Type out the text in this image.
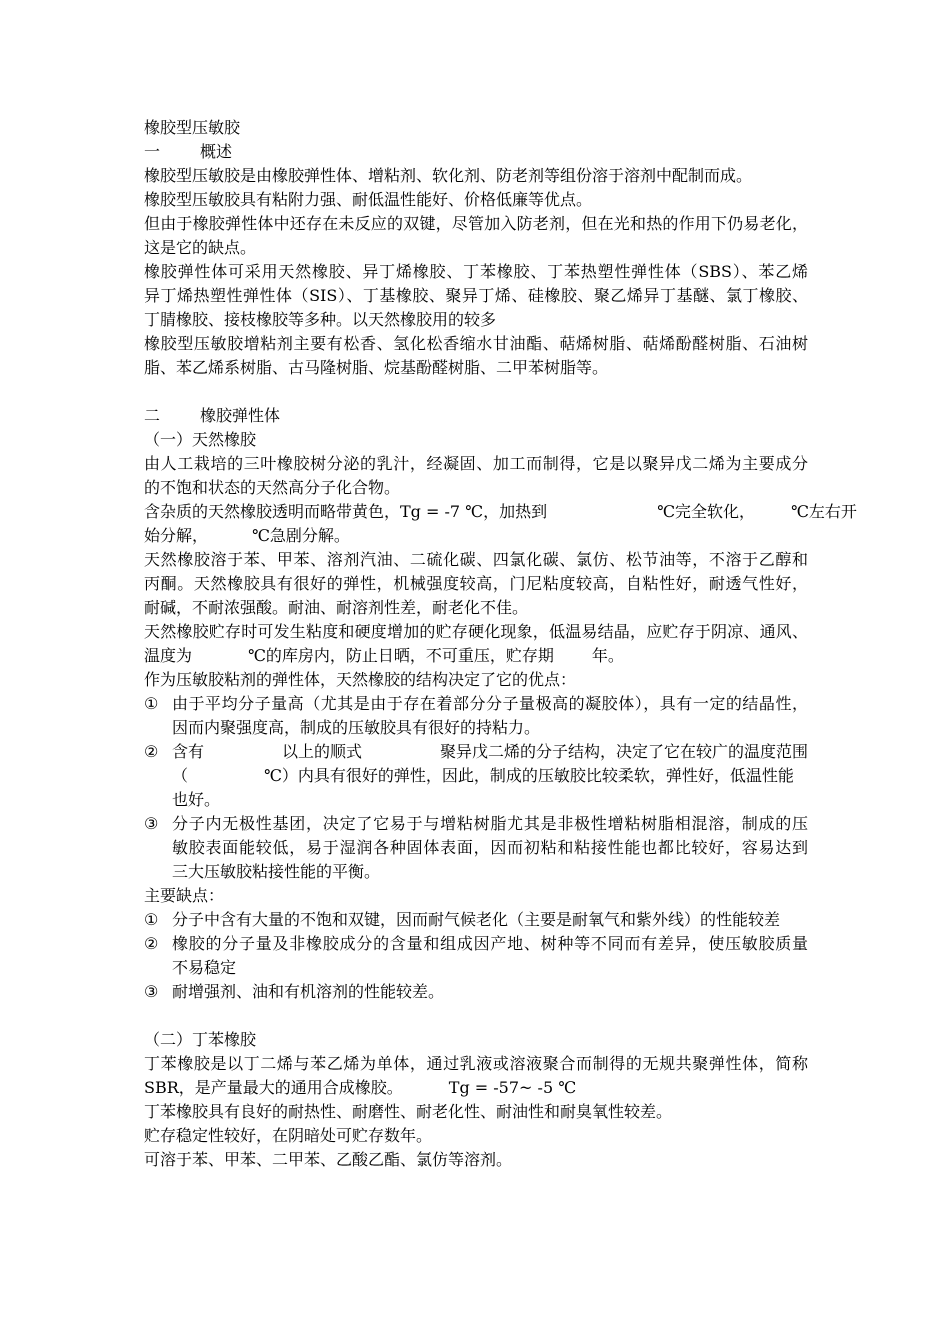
橡胶型压敏胶
一	概述
橡胶型压敏胶是由橡胶弹性体、增粘剂、软化剂、防老剂等组份溶于溶剂中配制而成。
橡胶型压敏胶具有粘附力强、耐低温性能好、价格低廉等优点。
但由于橡胶弹性体中还存在未反应的双键，尽管加入防老剂，但在光和热的作用下仍易老化，
这是它的缺点。
橡胶弹性体可采用天然橡胶、异丁烯橡胶、丁苯橡胶、丁苯热塑性弹性体（SBS）、苯乙烯
异丁烯热塑性弹性体（SIS）、丁基橡胶、聚异丁烯、硅橡胶、聚乙烯异丁基醚、氯丁橡胶、
丁腈橡胶、接枝橡胶等多种。以天然橡胶用的较多
橡胶型压敏胶增粘剂主要有松香、氢化松香缩水甘油酯、萜烯树脂、萜烯酚醛树脂、石油树
脂、苯乙烯系树脂、古马隆树脂、烷基酚醛树脂、二甲苯树脂等。
二	橡胶弹性体
（一）天然橡胶
由人工栽培的三叶橡胶树分泌的乳汁，经凝固、加工而制得，它是以聚异戊二烯为主要成分
的不饱和状态的天然高分子化合物。
含杂质的天然橡胶透明而略带黄色，Tg = -7 ℃，加热到	℃完全软化， ℃左右开
始分解，	℃急剧分解。
天然橡胶溶于苯、甲苯、溶剂汽油、二硫化碳、四氯化碳、氯仿、松节油等，不溶于乙醇和
丙酮。天然橡胶具有很好的弹性，机械强度较高，门尼粘度较高，自粘性好，耐透气性好，
耐碱，不耐浓强酸。耐油、耐溶剂性差，耐老化不佳。
天然橡胶贮存时可发生粘度和硬度增加的贮存硬化现象，低温易结晶，应贮存于阴凉、通风、
温度为	℃的库房内，防止日晒，不可重压，贮存期 年。
作为压敏胶粘剂的弹性体，天然橡胶的结构决定了它的优点：
① 由于平均分子量高（尤其是由于存在着部分分子量极高的凝胶体），具有一定的结晶性，
因而内聚强度高，制成的压敏胶具有很好的持粘力。
② 含有	以上的顺式	聚异戊二烯的分子结构，决定了它在较广的温度范围
（	℃）内具有很好的弹性，因此，制成的压敏胶比较柔软，弹性好，低温性能
也好。
③ 分子内无极性基团，决定了它易于与增粘树脂尤其是非极性增粘树脂相混溶，制成的压
敏胶表面能较低，易于湿润各种固体表面，因而初粘和粘接性能也都比较好，容易达到
三大压敏胶粘接性能的平衡。
主要缺点：
① 分子中含有大量的不饱和双键，因而耐气候老化（主要是耐氧气和紫外线）的性能较差
② 橡胶的分子量及非橡胶成分的含量和组成因产地、树种等不同而有差异，使压敏胶质量
不易稳定
③ 耐增强剂、油和有机溶剂的性能较差。
（二）丁苯橡胶
丁苯橡胶是以丁二烯与苯乙烯为单体，通过乳液或溶液聚合而制得的无规共聚弹性体，简称
SBR，是产量最大的通用合成橡胶。	Tg = -57~ -5 ℃
丁苯橡胶具有良好的耐热性、耐磨性、耐老化性、耐油性和耐臭氧性较差。
贮存稳定性较好，在阴暗处可贮存数年。
可溶于苯、甲苯、二甲苯、乙酸乙酯、氯仿等溶剂。
